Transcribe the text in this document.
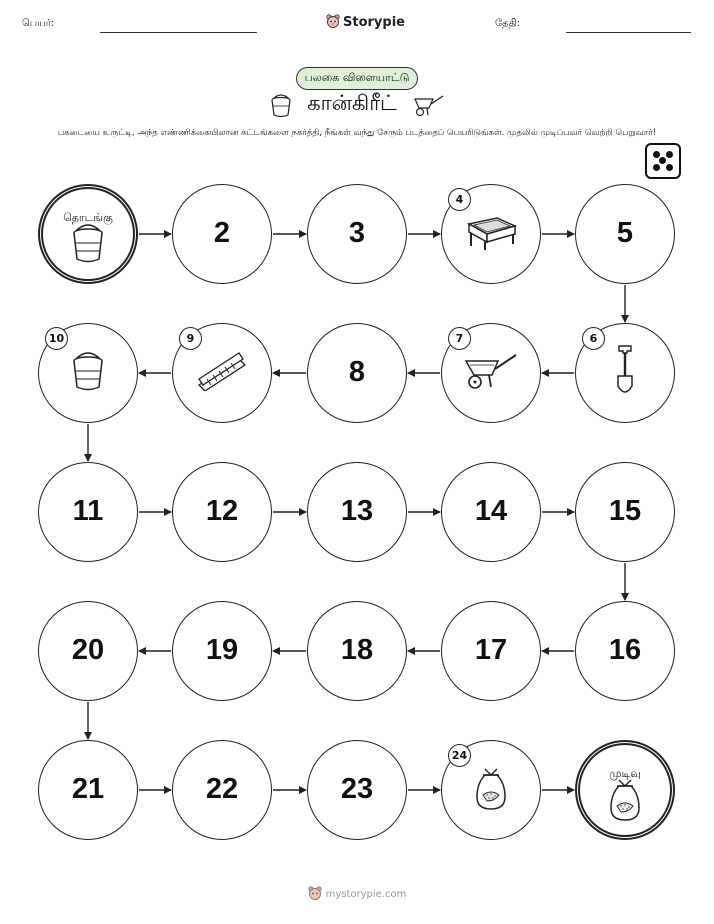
பெயர்:	Storypie	தேதி:
பலகை விளையாட்டு
கான்கிரீட்
பகடையை உருட்டி, அந்த எண்ணிக்கையிலான கட்டங்களை நகர்த்தி, நீங்கள் வந்து சேரும் படத்தைப் பெயரிடுங்கள். முதலில் முடிப்பவர் வெற்றி பெறுவார்!
தொடங்கு	2	3
4
5
6
7
8
9
10
11	12	13	14	15
16
17
18
19
20
21	22	23
24
முடிவு
mystorypie.com
